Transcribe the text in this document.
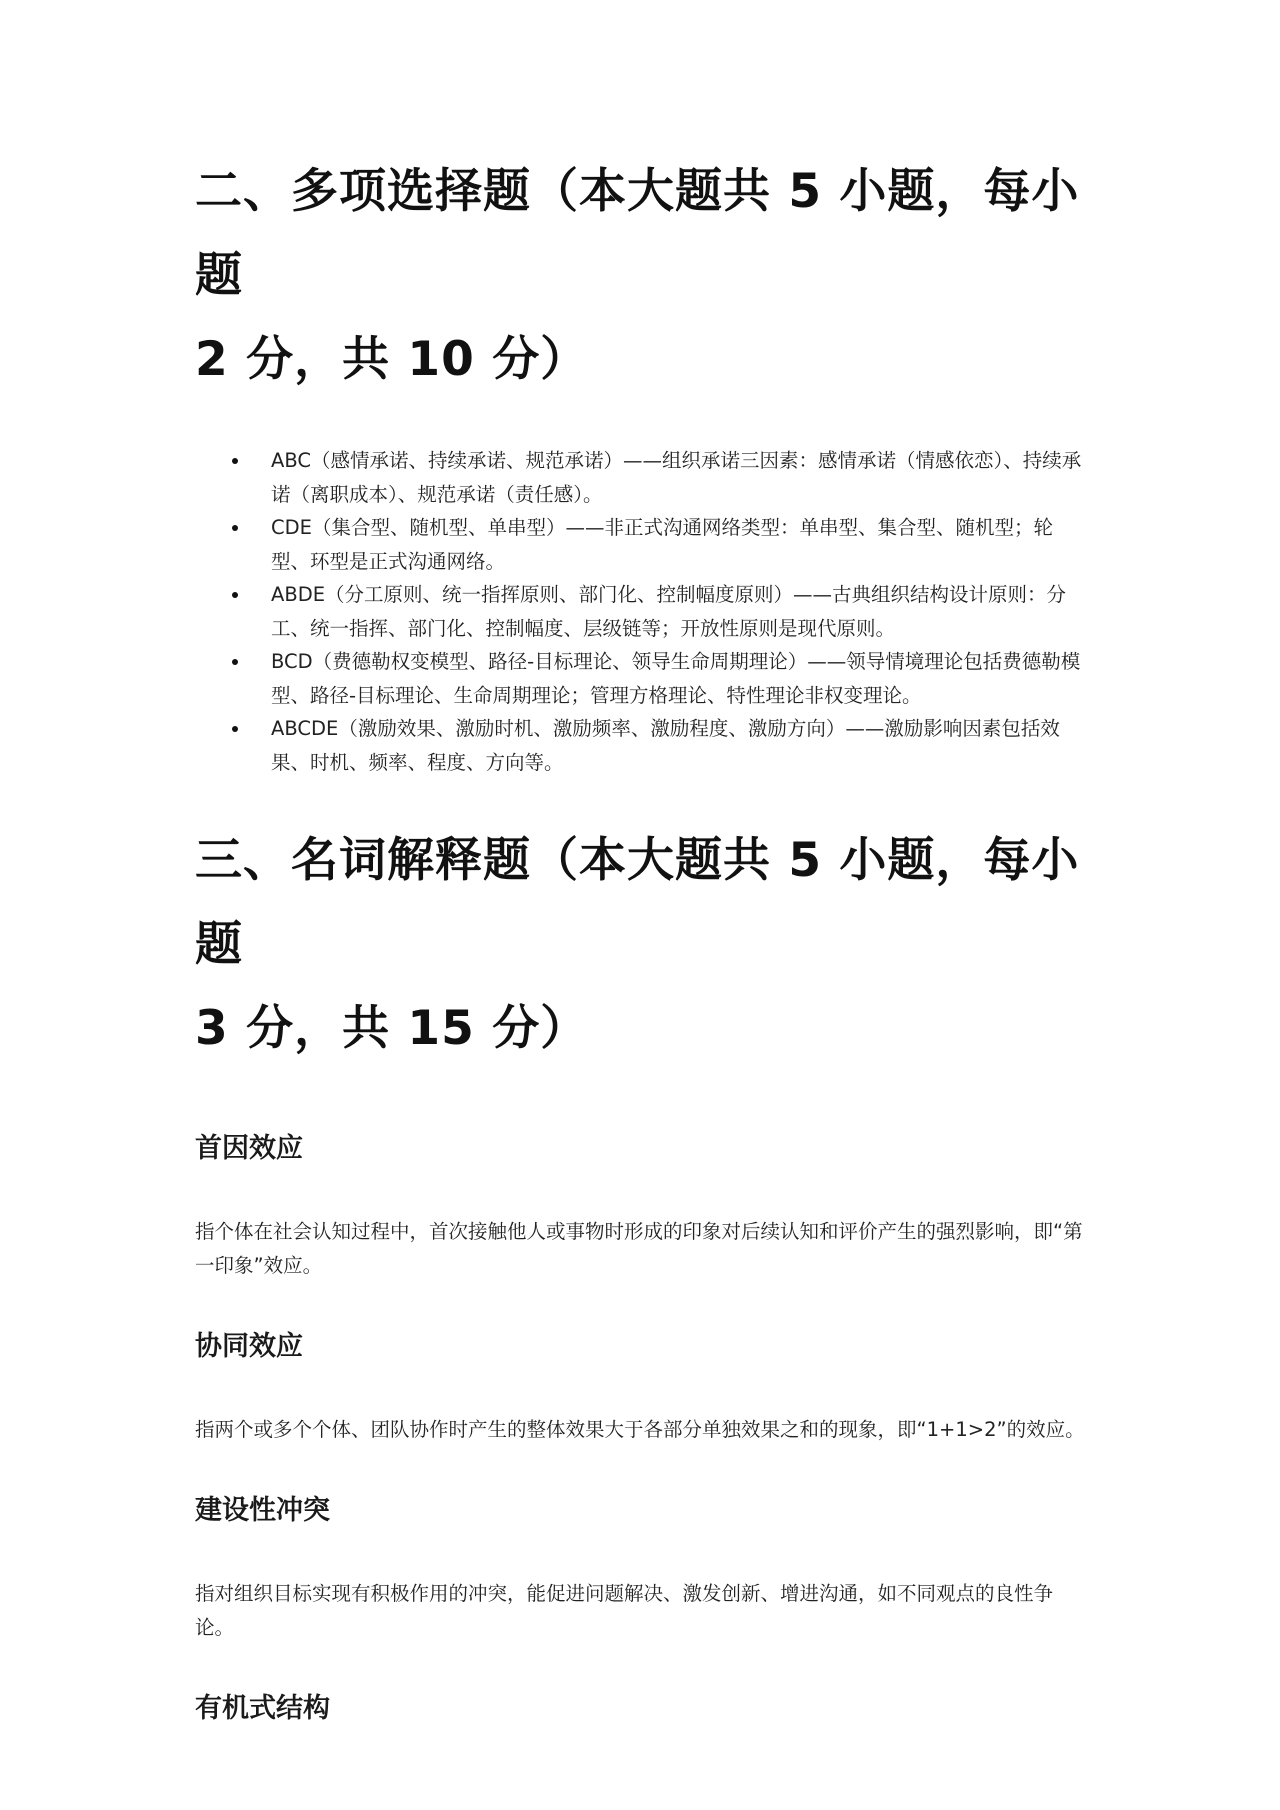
二、多项选择题（本大题共 5 小题，每小题
2 分，共 10 分）
ABC（感情承诺、持续承诺、规范承诺）——组织承诺三因素：感情承诺（情感依恋）、持续承诺（离职成本）、规范承诺（责任感）。
CDE（集合型、随机型、单串型）——非正式沟通网络类型：单串型、集合型、随机型；轮型、环型是正式沟通网络。
ABDE（分工原则、统一指挥原则、部门化、控制幅度原则）——古典组织结构设计原则：分工、统一指挥、部门化、控制幅度、层级链等；开放性原则是现代原则。
BCD（费德勒权变模型、路径-目标理论、领导生命周期理论）——领导情境理论包括费德勒模型、路径-目标理论、生命周期理论；管理方格理论、特性理论非权变理论。
ABCDE（激励效果、激励时机、激励频率、激励程度、激励方向）——激励影响因素包括效果、时机、频率、程度、方向等。
三、名词解释题（本大题共 5 小题，每小题
3 分，共 15 分）
首因效应

指个体在社会认知过程中，首次接触他人或事物时形成的印象对后续认知和评价产生的强烈影响，即“第一印象”效应。

协同效应

指两个或多个个体、团队协作时产生的整体效果大于各部分单独效果之和的现象，即“1+1>2”的效应。

建设性冲突

指对组织目标实现有积极作用的冲突，能促进问题解决、激发创新、增进沟通，如不同观点的良性争论。

有机式结构
